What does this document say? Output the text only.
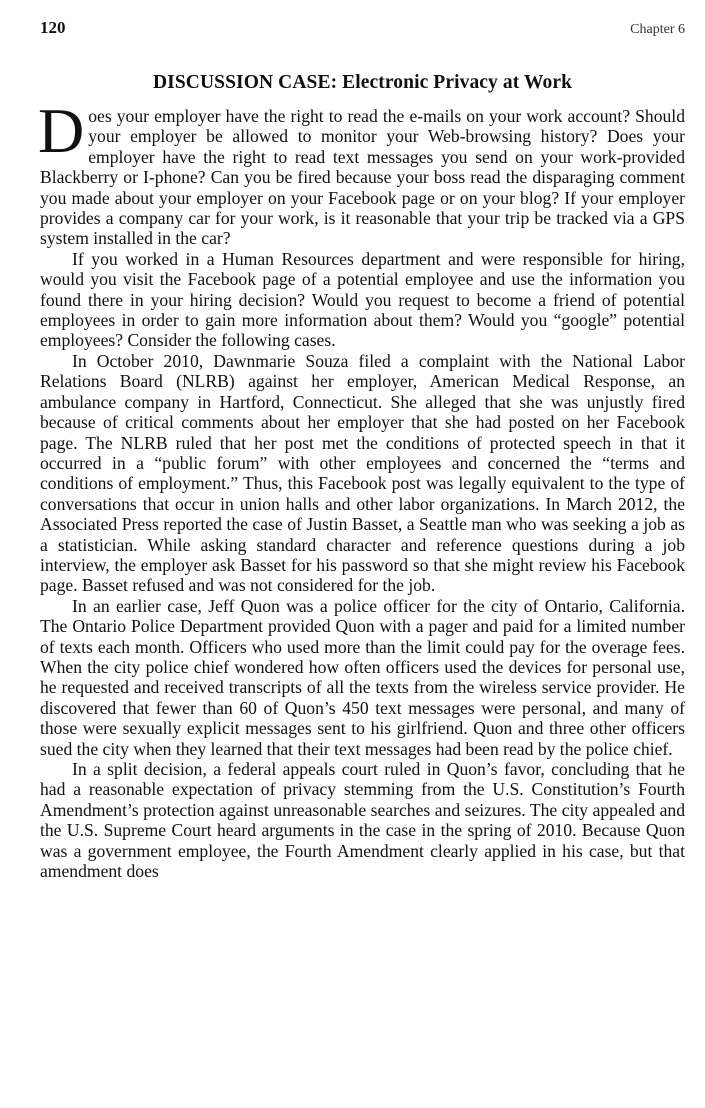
120	Chapter 6
DISCUSSION CASE: Electronic Privacy at Work

Does your employer have the right to read the e-mails on your work account? Should your employer be allowed to monitor your Web-browsing history? Does your employer have the right to read text messages you send on your work-provided Blackberry or I-phone? Can you be fired because your boss read the disparaging comment you made about your employer on your Facebook page or on your blog? If your employer provides a company car for your work, is it reasonable that your trip be tracked via a GPS system installed in the car?

If you worked in a Human Resources department and were responsible for hiring, would you visit the Facebook page of a potential employee and use the information you found there in your hiring decision? Would you request to become a friend of potential employees in order to gain more information about them? Would you “google” potential employees? Consider the following cases.

In October 2010, Dawnmarie Souza filed a complaint with the National Labor Relations Board (NLRB) against her employer, American Medical Response, an ambulance company in Hartford, Connecticut. She alleged that she was unjustly fired because of critical comments about her employer that she had posted on her Facebook page. The NLRB ruled that her post met the conditions of protected speech in that it occurred in a “public forum” with other employees and concerned the “terms and conditions of employment.” Thus, this Facebook post was legally equivalent to the type of conversations that occur in union halls and other labor organizations. In March 2012, the Associated Press reported the case of Justin Basset, a Seattle man who was seeking a job as a statistician. While asking standard character and reference questions during a job interview, the employer ask Basset for his password so that she might review his Facebook page. Basset refused and was not considered for the job.

In an earlier case, Jeff Quon was a police officer for the city of Ontario, California. The Ontario Police Department provided Quon with a pager and paid for a limited number of texts each month. Officers who used more than the limit could pay for the overage fees. When the city police chief wondered how often officers used the devices for personal use, he requested and received transcripts of all the texts from the wireless service provider. He discovered that fewer than 60 of Quon’s 450 text messages were personal, and many of those were sexually explicit messages sent to his girlfriend. Quon and three other officers sued the city when they learned that their text messages had been read by the police chief.

In a split decision, a federal appeals court ruled in Quon’s favor, concluding that he had a reasonable expectation of privacy stemming from the U.S. Constitution’s Fourth Amendment’s protection against unreasonable searches and seizures. The city appealed and the U.S. Supreme Court heard arguments in the case in the spring of 2010. Because Quon was a government employee, the Fourth Amendment clearly applied in his case, but that amendment does
